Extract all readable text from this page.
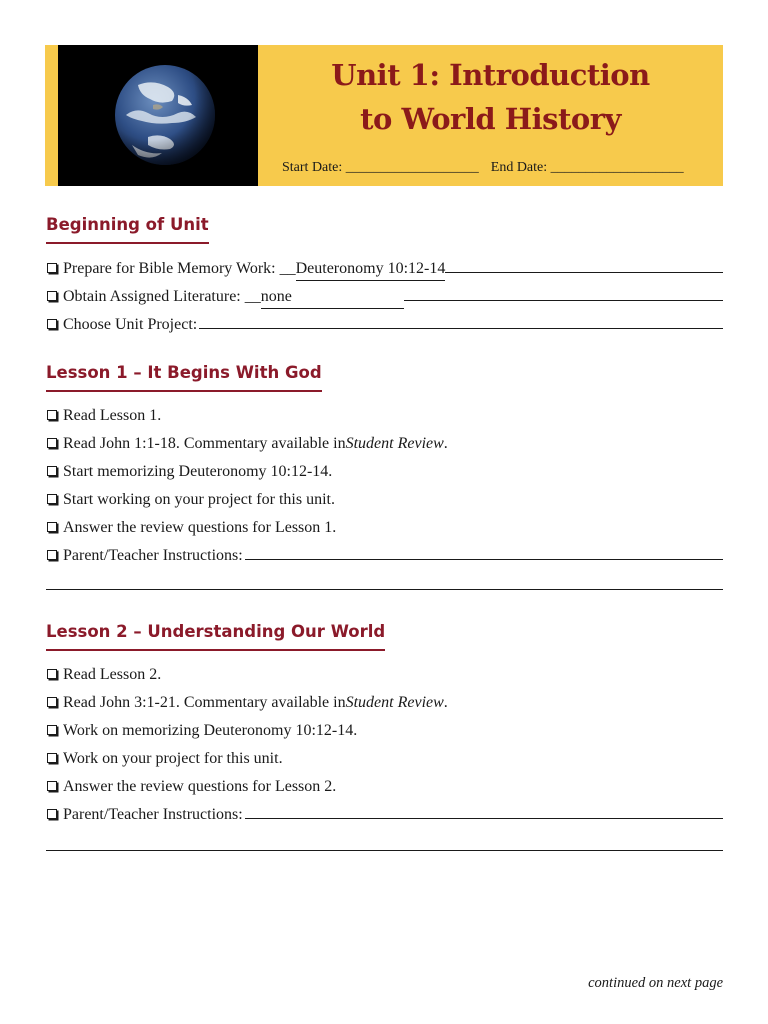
Unit 1: Introduction
to World History
Start Date: ___________________ End Date: ___________________
Beginning of Unit
Prepare for Bible Memory Work: __ Deuteronomy 10:12-14
Obtain Assigned Literature: __ none
Choose Unit Project:
Lesson 1 – It Begins With God
Read Lesson 1.
Read John 1:1-18. Commentary available in Student Review .
Start memorizing Deuteronomy 10:12-14.
Start working on your project for this unit.
Answer the review questions for Lesson 1.
Parent/Teacher Instructions:
Lesson 2 – Understanding Our World
Read Lesson 2.
Read John 3:1-21. Commentary available in Student Review .
Work on memorizing Deuteronomy 10:12-14.
Work on your project for this unit.
Answer the review questions for Lesson 2.
Parent/Teacher Instructions:
continued on next page
